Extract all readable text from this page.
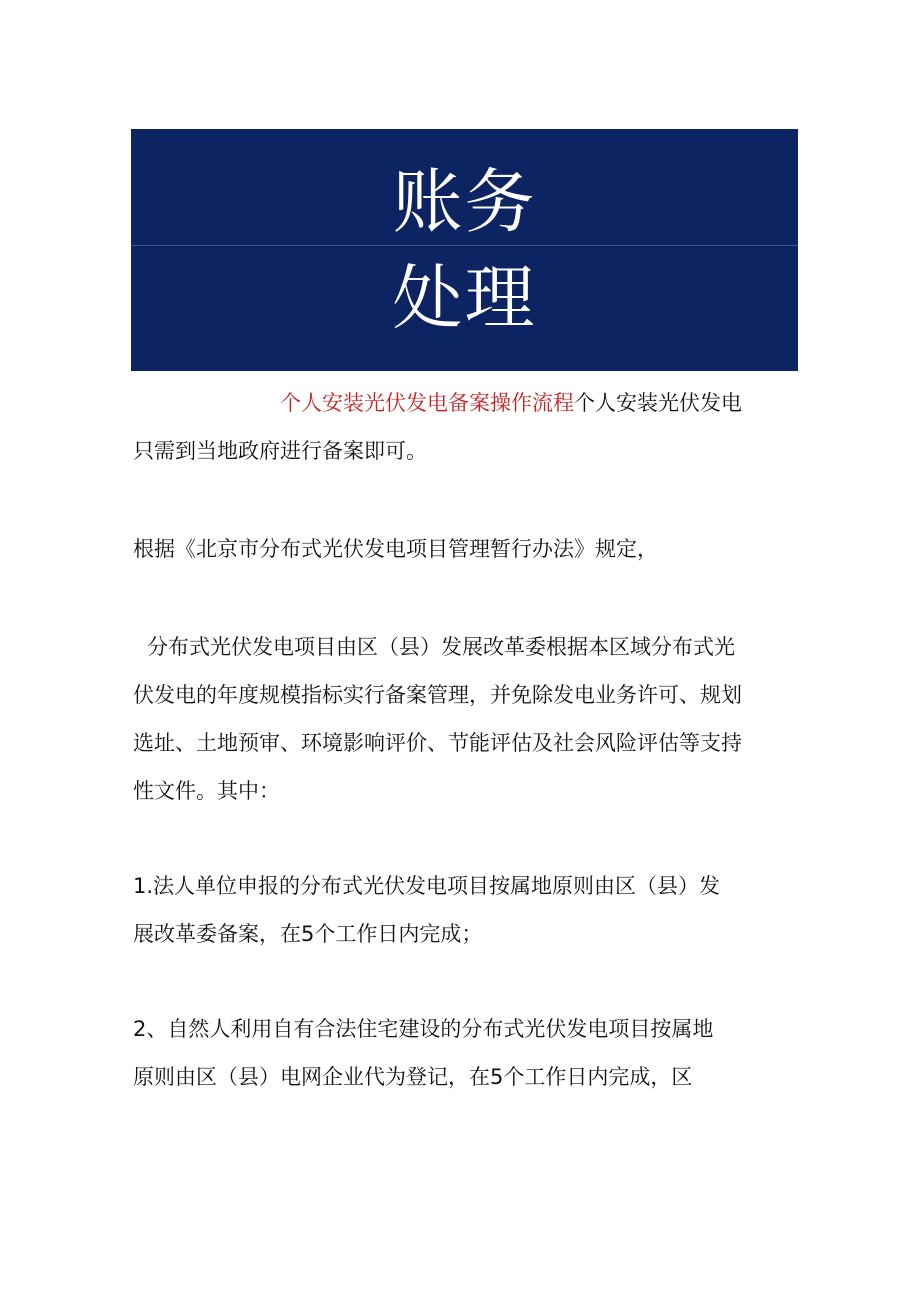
账务
处理

个人安装光伏发电备案操作流程个人安装光伏发电
只需到当地政府进行备案即可。

根据《北京市分布式光伏发电项目管理暂行办法》规定，

分布式光伏发电项目由区（县）发展改革委根据本区域分布式光
伏发电的年度规模指标实行备案管理，并免除发电业务许可、规划
选址、土地预审、环境影响评价、节能评估及社会风险评估等支持
性文件。其中：

1.法人单位申报的分布式光伏发电项目按属地原则由区（县）发
展改革委备案，在5个工作日内完成；

2、自然人利用自有合法住宅建设的分布式光伏发电项目按属地
原则由区（县）电网企业代为登记，在5个工作日内完成，区
